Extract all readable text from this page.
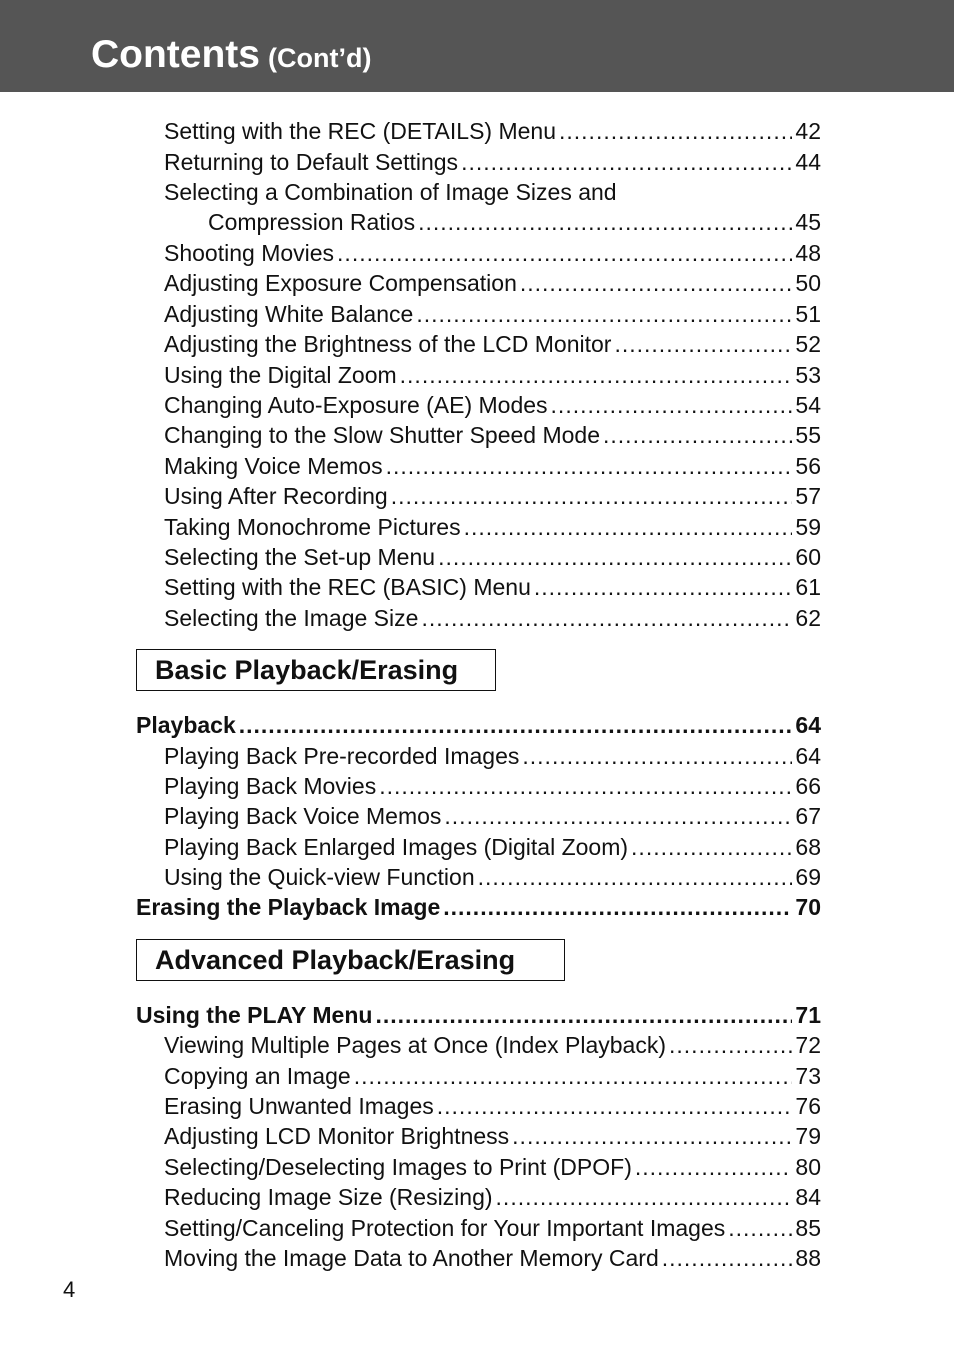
Contents (Cont’d)
Setting with the REC (DETAILS) Menu .....	42
Returning to Default Settings .....	44
Selecting a Combination of Image Sizes and
Compression Ratios .....	45
Shooting Movies .....	48
Adjusting Exposure Compensation .....	50
Adjusting White Balance .....	51
Adjusting the Brightness of the LCD Monitor .....	52
Using the Digital Zoom .....	53
Changing Auto-Exposure (AE) Modes .....	54
Changing to the Slow Shutter Speed Mode .....	55
Making Voice Memos .....	56
Using After Recording .....	57
Taking Monochrome Pictures .....	59
Selecting the Set-up Menu .....	60
Setting with the REC (BASIC) Menu .....	61
Selecting the Image Size .....	62
Basic Playback/Erasing
Playback .....	64
Playing Back Pre-recorded Images .....	64
Playing Back Movies .....	66
Playing Back Voice Memos .....	67
Playing Back Enlarged Images (Digital Zoom) .....	68
Using the Quick-view Function .....	69
Erasing the Playback Image .....	70
Advanced Playback/Erasing
Using the PLAY Menu .....	71
Viewing Multiple Pages at Once (Index Playback) .....	72
Copying an Image .....	73
Erasing Unwanted Images .....	76
Adjusting LCD Monitor Brightness .....	79
Selecting/Deselecting Images to Print (DPOF) .....	80
Reducing Image Size (Resizing) .....	84
Setting/Canceling Protection for Your Important Images .....	85
Moving the Image Data to Another Memory Card .....	88
4
